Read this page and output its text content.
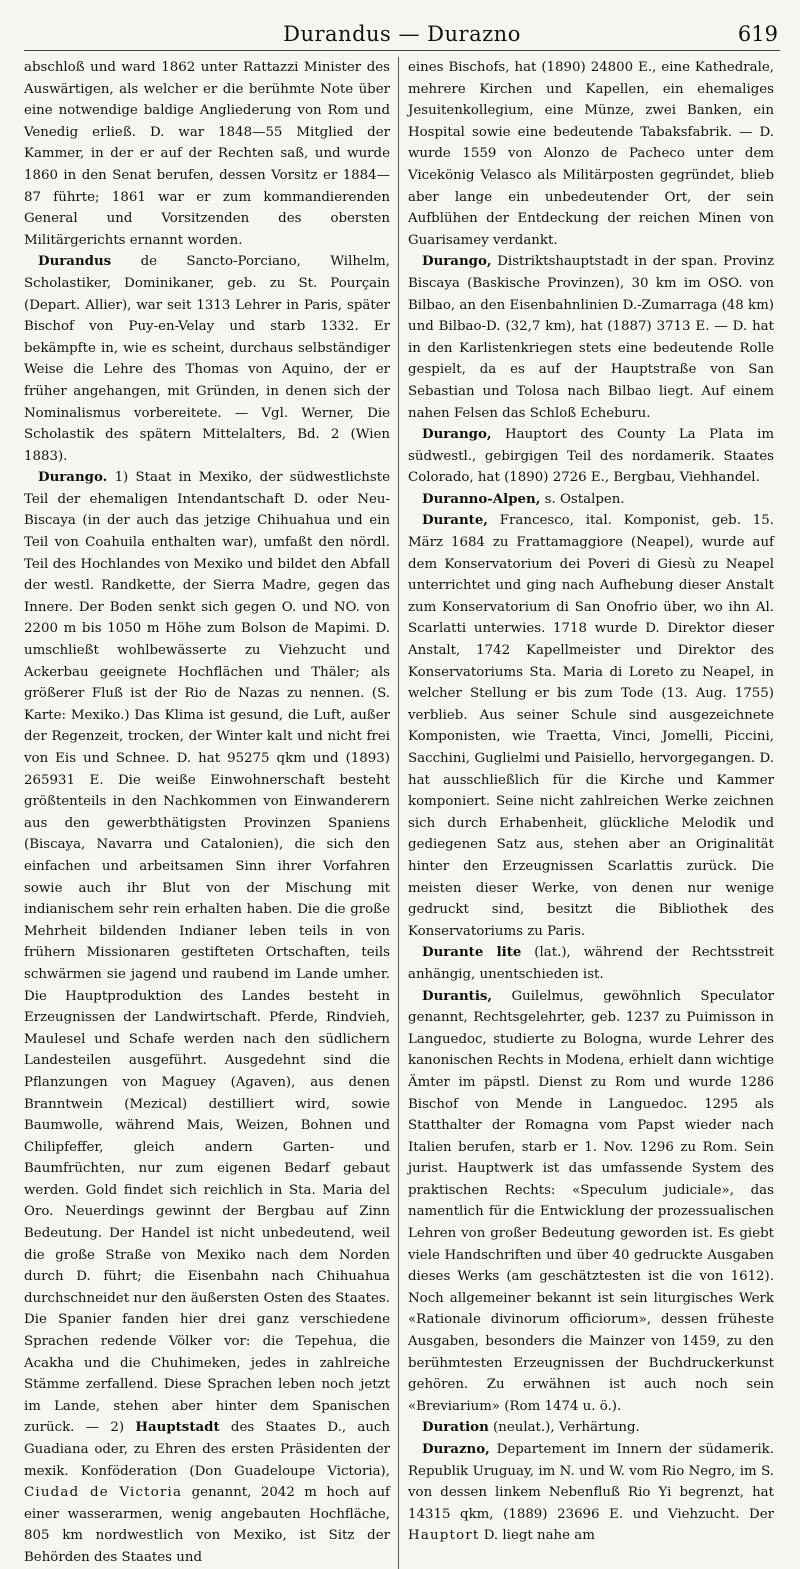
Durandus — Durazno	619

abschloß und ward 1862 unter Rattazzi Minister des Auswärtigen, als welcher er die berühmte Note über eine notwendige baldige Angliederung von Rom und Venedig erließ. D. war 1848—55 Mitglied der Kammer, in der er auf der Rechten saß, und wurde 1860 in den Senat berufen, dessen Vorsitz er 1884—87 führte; 1861 war er zum kommandierenden General und Vorsitzenden des obersten Militärgerichts ernannt worden.

Durandus de Sancto-Porciano, Wilhelm, Scholastiker, Dominikaner, geb. zu St. Pourçain (Depart. Allier), war seit 1313 Lehrer in Paris, später Bischof von Puy-en-Velay und starb 1332. Er bekämpfte in, wie es scheint, durchaus selbständiger Weise die Lehre des Thomas von Aquino, der er früher angehangen, mit Gründen, in denen sich der Nominalismus vorbereitete. — Vgl. Werner, Die Scholastik des spätern Mittelalters, Bd. 2 (Wien 1883).

Durango. 1) Staat in Mexiko, der südwestlichste Teil der ehemaligen Intendantschaft D. oder Neu-Biscaya (in der auch das jetzige Chihuahua und ein Teil von Coahuila enthalten war), umfaßt den nördl. Teil des Hochlandes von Mexiko und bildet den Abfall der westl. Randkette, der Sierra Madre, gegen das Innere. Der Boden senkt sich gegen O. und NO. von 2200 m bis 1050 m Höhe zum Bolson de Mapimi. D. umschließt wohlbewässerte zu Viehzucht und Ackerbau geeignete Hochflächen und Thäler; als größerer Fluß ist der Rio de Nazas zu nennen. (S. Karte: Mexiko.) Das Klima ist gesund, die Luft, außer der Regenzeit, trocken, der Winter kalt und nicht frei von Eis und Schnee. D. hat 95275 qkm und (1893) 265931 E. Die weiße Einwohnerschaft besteht größtenteils in den Nachkommen von Einwanderern aus den gewerbthätigsten Provinzen Spaniens (Biscaya, Navarra und Catalonien), die sich den einfachen und arbeitsamen Sinn ihrer Vorfahren sowie auch ihr Blut von der Mischung mit indianischem sehr rein erhalten haben. Die die große Mehrheit bildenden Indianer leben teils in von frühern Missionaren gestifteten Ortschaften, teils schwärmen sie jagend und raubend im Lande umher. Die Hauptproduktion des Landes besteht in Erzeugnissen der Landwirtschaft. Pferde, Rindvieh, Maulesel und Schafe werden nach den südlichern Landesteilen ausgeführt. Ausgedehnt sind die Pflanzungen von Maguey (Agaven), aus denen Branntwein (Mezical) destilliert wird, sowie Baumwolle, während Mais, Weizen, Bohnen und Chilipfeffer, gleich andern Garten- und Baumfrüchten, nur zum eigenen Bedarf gebaut werden. Gold findet sich reichlich in Sta. Maria del Oro. Neuerdings gewinnt der Bergbau auf Zinn Bedeutung. Der Handel ist nicht unbedeutend, weil die große Straße von Mexiko nach dem Norden durch D. führt; die Eisenbahn nach Chihuahua durchschneidet nur den äußersten Osten des Staates. Die Spanier fanden hier drei ganz verschiedene Sprachen redende Völker vor: die Tepehua, die Acakha und die Chuhimeken, jedes in zahlreiche Stämme zerfallend. Diese Sprachen leben noch jetzt im Lande, stehen aber hinter dem Spanischen zurück. — 2) Hauptstadt des Staates D., auch Guadiana oder, zu Ehren des ersten Präsidenten der mexik. Konföderation (Don Guadeloupe Victoria), Ciudad de Victoria genannt, 2042 m hoch auf einer wasserarmen, wenig angebauten Hochfläche, 805 km nordwestlich von Mexiko, ist Sitz der Behörden des Staates und

eines Bischofs, hat (1890) 24800 E., eine Kathedrale, mehrere Kirchen und Kapellen, ein ehemaliges Jesuitenkollegium, eine Münze, zwei Banken, ein Hospital sowie eine bedeutende Tabaksfabrik. — D. wurde 1559 von Alonzo de Pacheco unter dem Vicekönig Velasco als Militärposten gegründet, blieb aber lange ein unbedeutender Ort, der sein Aufblühen der Entdeckung der reichen Minen von Guarisamey verdankt.

Durango, Distriktshauptstadt in der span. Provinz Biscaya (Baskische Provinzen), 30 km im OSO. von Bilbao, an den Eisenbahnlinien D.-Zumarraga (48 km) und Bilbao-D. (32,7 km), hat (1887) 3713 E. — D. hat in den Karlistenkriegen stets eine bedeutende Rolle gespielt, da es auf der Hauptstraße von San Sebastian und Tolosa nach Bilbao liegt. Auf einem nahen Felsen das Schloß Echeburu.

Durango, Hauptort des County La Plata im südwestl., gebirgigen Teil des nordamerik. Staates Colorado, hat (1890) 2726 E., Bergbau, Viehhandel.

Duranno-Alpen, s. Ostalpen.

Durante, Francesco, ital. Komponist, geb. 15. März 1684 zu Frattamaggiore (Neapel), wurde auf dem Konservatorium dei Poveri di Giesù zu Neapel unterrichtet und ging nach Aufhebung dieser Anstalt zum Konservatorium di San Onofrio über, wo ihn Al. Scarlatti unterwies. 1718 wurde D. Direktor dieser Anstalt, 1742 Kapellmeister und Direktor des Konservatoriums Sta. Maria di Loreto zu Neapel, in welcher Stellung er bis zum Tode (13. Aug. 1755) verblieb. Aus seiner Schule sind ausgezeichnete Komponisten, wie Traetta, Vinci, Jomelli, Piccini, Sacchini, Guglielmi und Paisiello, hervorgegangen. D. hat ausschließlich für die Kirche und Kammer komponiert. Seine nicht zahlreichen Werke zeichnen sich durch Erhabenheit, glückliche Melodik und gediegenen Satz aus, stehen aber an Originalität hinter den Erzeugnissen Scarlattis zurück. Die meisten dieser Werke, von denen nur wenige gedruckt sind, besitzt die Bibliothek des Konservatoriums zu Paris.

Durante lite (lat.), während der Rechtsstreit anhängig, unentschieden ist.

Durantis, Guilelmus, gewöhnlich Speculator genannt, Rechtsgelehrter, geb. 1237 zu Puimisson in Languedoc, studierte zu Bologna, wurde Lehrer des kanonischen Rechts in Modena, erhielt dann wichtige Ämter im päpstl. Dienst zu Rom und wurde 1286 Bischof von Mende in Languedoc. 1295 als Statthalter der Romagna vom Papst wieder nach Italien berufen, starb er 1. Nov. 1296 zu Rom. Sein jurist. Hauptwerk ist das umfassende System des praktischen Rechts: «Speculum judiciale», das namentlich für die Entwicklung der prozessualischen Lehren von großer Bedeutung geworden ist. Es giebt viele Handschriften und über 40 gedruckte Ausgaben dieses Werks (am geschätztesten ist die von 1612). Noch allgemeiner bekannt ist sein liturgisches Werk «Rationale divinorum officiorum», dessen früheste Ausgaben, besonders die Mainzer von 1459, zu den berühmtesten Erzeugnissen der Buchdruckerkunst gehören. Zu erwähnen ist auch noch sein «Breviarium» (Rom 1474 u. ö.).

Duration (neulat.), Verhärtung.

Durazno, Departement im Innern der südamerik. Republik Uruguay, im N. und W. vom Rio Negro, im S. von dessen linkem Nebenfluß Rio Yi begrenzt, hat 14315 qkm, (1889) 23696 E. und Viehzucht. Der Hauptort D. liegt nahe am
